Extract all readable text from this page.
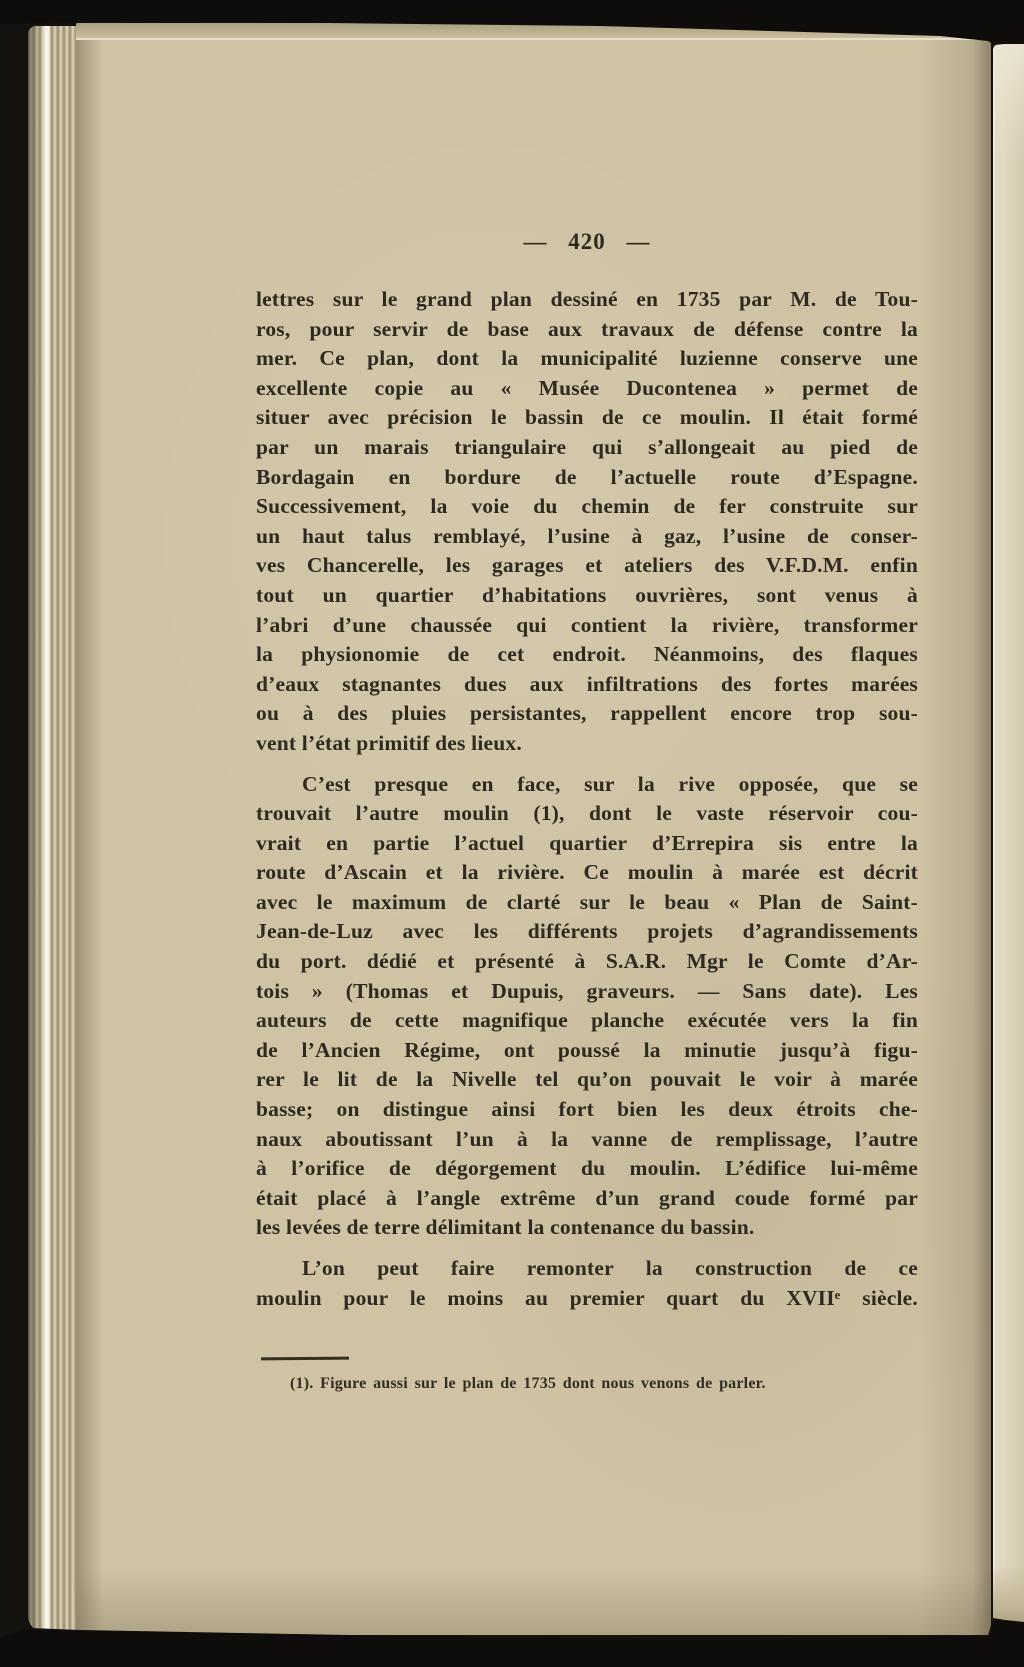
— 420 —
lettres sur le grand plan dessiné en 1735 par M. de Tou-
ros, pour servir de base aux travaux de défense contre la
mer. Ce plan, dont la municipalité luzienne conserve une
excellente copie au « Musée Ducontenea » permet de
situer avec précision le bassin de ce moulin. Il était formé
par un marais triangulaire qui s’allongeait au pied de
Bordagain en bordure de l’actuelle route d’Espagne.
Successivement, la voie du chemin de fer construite sur
un haut talus remblayé, l’usine à gaz, l’usine de conser-
ves Chancerelle, les garages et ateliers des V.F.D.M. enfin
tout un quartier d’habitations ouvrières, sont venus à
l’abri d’une chaussée qui contient la rivière, transformer
la physionomie de cet endroit. Néanmoins, des flaques
d’eaux stagnantes dues aux infiltrations des fortes marées
ou à des pluies persistantes, rappellent encore trop sou-
vent l’état primitif des lieux.
C’est presque en face, sur la rive opposée, que se
trouvait l’autre moulin (1), dont le vaste réservoir cou-
vrait en partie l’actuel quartier d’Errepira sis entre la
route d’Ascain et la rivière. Ce moulin à marée est décrit
avec le maximum de clarté sur le beau « Plan de Saint-
Jean-de-Luz avec les différents projets d’agrandissements
du port. dédié et présenté à S.A.R. Mgr le Comte d’Ar-
tois » (Thomas et Dupuis, graveurs. — Sans date). Les
auteurs de cette magnifique planche exécutée vers la fin
de l’Ancien Régime, ont poussé la minutie jusqu’à figu-
rer le lit de la Nivelle tel qu’on pouvait le voir à marée
basse; on distingue ainsi fort bien les deux étroits che-
naux aboutissant l’un à la vanne de remplissage, l’autre
à l’orifice de dégorgement du moulin. L’édifice lui-même
était placé à l’angle extrême d’un grand coude formé par
les levées de terre délimitant la contenance du bassin.
L’on peut faire remonter la construction de ce
moulin pour le moins au premier quart du XVIIᵉ siècle.
(1). Figure aussi sur le plan de 1735 dont nous venons de parler.
